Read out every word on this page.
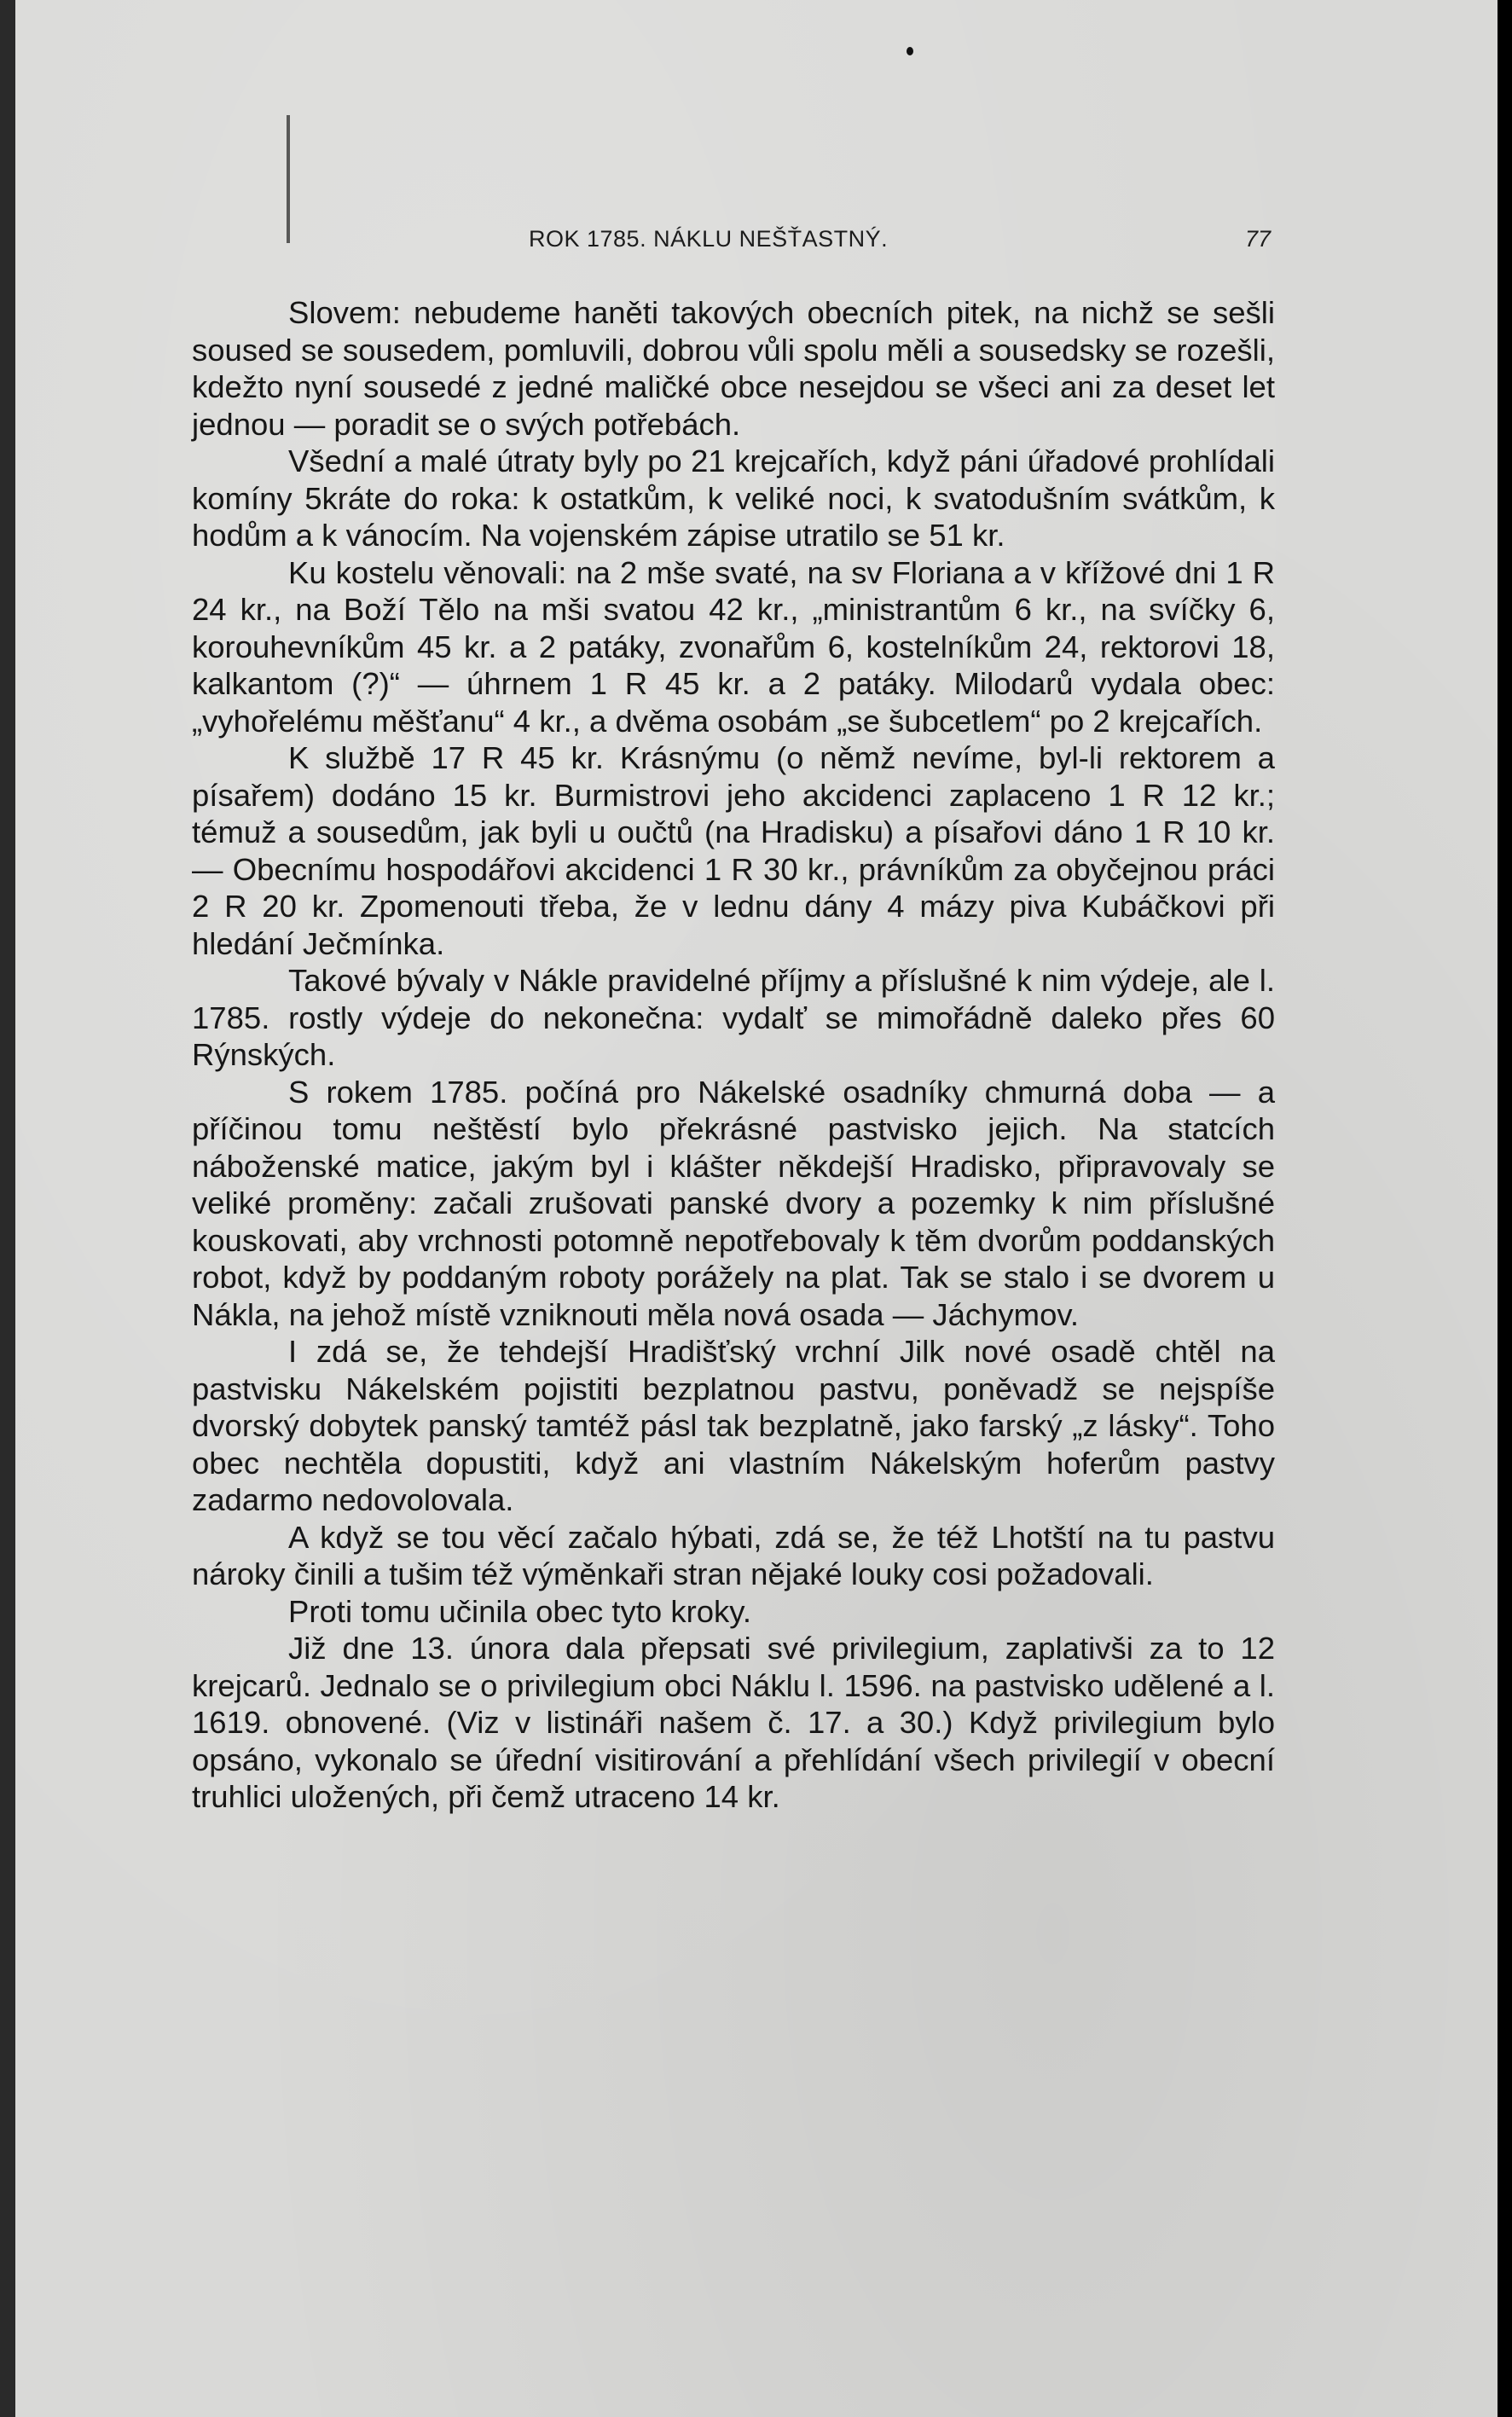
ROK 1785. NÁKLU NEŠŤASTNÝ.	77

Slovem: nebudeme haněti takových obecních pitek, na nichž se sešli soused se sousedem, pomluvili, dobrou vůli spolu měli a sousedsky se rozešli, kdežto nyní sousedé z jedné maličké obce nesejdou se všeci ani za deset let jednou — poradit se o svých potřebách.

Všední a malé útraty byly po 21 krejcařích, když páni úřadové prohlídali komíny 5kráte do roka: k ostatkům, k veliké noci, k svatodušním svátkům, k hodům a k vánocím. Na vojenském zápise utratilo se 51 kr.

Ku kostelu věnovali: na 2 mše svaté, na sv Floriana a v křížové dni 1 R 24 kr., na Boží Tělo na mši svatou 42 kr., „ministrantům 6 kr., na svíčky 6, korouhevníkům 45 kr. a 2 patáky, zvonařům 6, kostelníkům 24, rektorovi 18, kalkantom (?)“ — úhrnem 1 R 45 kr. a 2 patáky. Milodarů vydala obec: „vyhořelému měšťanu“ 4 kr., a dvěma osobám „se šubcetlem“ po 2 krejcařích.

K službě 17 R 45 kr. Krásnýmu (o němž nevíme, byl-li rektorem a písařem) dodáno 15 kr. Burmistrovi jeho akcidenci zaplaceno 1 R 12 kr.; témuž a sousedům, jak byli u oučtů (na Hradisku) a písařovi dáno 1 R 10 kr. — Obecnímu hospodářovi akcidenci 1 R 30 kr., právníkům za obyčejnou práci 2 R 20 kr. Zpomenouti třeba, že v lednu dány 4 mázy piva Kubáčkovi při hledání Ječmínka.

Takové bývaly v Nákle pravidelné příjmy a příslušné k nim výdeje, ale l. 1785. rostly výdeje do nekonečna: vydalť se mimořádně daleko přes 60 Rýnských.

S rokem 1785. počíná pro Nákelské osadníky chmurná doba — a příčinou tomu neštěstí bylo překrásné pastvisko jejich. Na statcích náboženské matice, jakým byl i klášter někdejší Hradisko, připravovaly se veliké proměny: začali zrušovati panské dvory a pozemky k nim příslušné kouskovati, aby vrchnosti potomně nepotřebovaly k těm dvorům poddanských robot, když by poddaným roboty porážely na plat. Tak se stalo i se dvorem u Nákla, na jehož místě vzniknouti měla nová osada — Jáchymov.

I zdá se, že tehdejší Hradišťský vrchní Jilk nové osadě chtěl na pastvisku Nákelském pojistiti bezplatnou pastvu, poněvadž se nejspíše dvorský dobytek panský tamtéž pásl tak bezplatně, jako farský „z lásky“. Toho obec nechtěla dopustiti, když ani vlastním Nákelským hoferům pastvy zadarmo nedovolovala.

A když se tou věcí začalo hýbati, zdá se, že též Lhotští na tu pastvu nároky činili a tušim též výměnkaři stran nějaké louky cosi požadovali.

Proti tomu učinila obec tyto kroky.

Již dne 13. února dala přepsati své privilegium, zaplativši za to 12 krejcarů. Jednalo se o privilegium obci Náklu l. 1596. na pastvisko udělené a l. 1619. obnovené. (Viz v listináři našem č. 17. a 30.) Když privilegium bylo opsáno, vykonalo se úřední visitirování a přehlídání všech privilegií v obecní truhlici uložených, při čemž utraceno 14 kr.
